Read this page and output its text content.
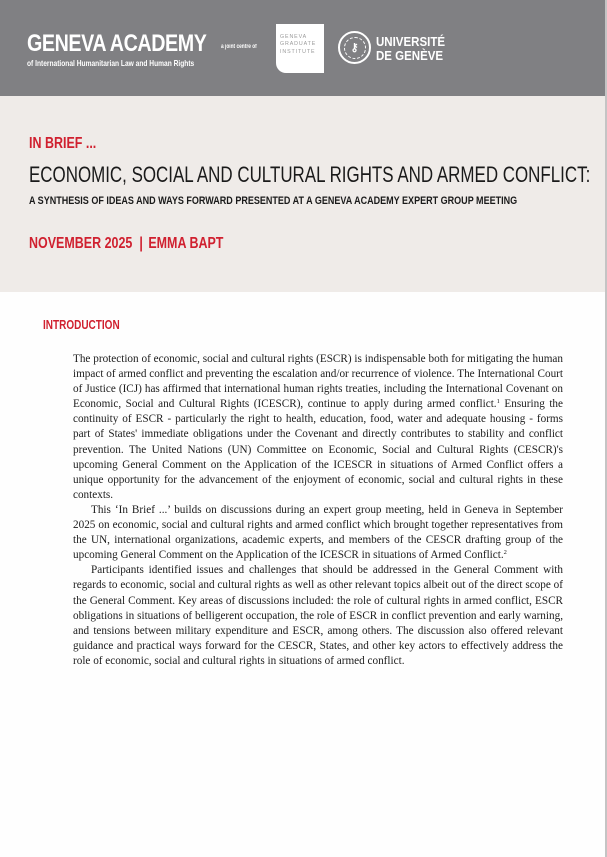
GENEVA ACADEMY
of International Humanitarian Law and Human Rights
a joint centre of
GENEVA
GRADUATE
INSTITUTE	⚷	UNIVERSITÉ
DE GENÈVE
IN BRIEF ...
ECONOMIC, SOCIAL AND CULTURAL RIGHTS AND ARMED CONFLICT:
A SYNTHESIS OF IDEAS AND WAYS FORWARD PRESENTED AT A GENEVA ACADEMY EXPERT GROUP MEETING
NOVEMBER 2025 | EMMA BAPT
INTRODUCTION

The protection of economic, social and cultural rights (ESCR) is indispensable both for mitigating the human impact of armed conflict and preventing the escalation and/or recurrence of violence. The International Court of Justice (ICJ) has affirmed that international human rights treaties, including the International Covenant on Economic, Social and Cultural Rights (ICESCR), continue to apply during armed conflict.$^1$ Ensuring the continuity of ESCR - particularly the right to health, education, food, water and adequate housing - forms part of States' immediate obligations under the Covenant and directly contributes to stability and conflict prevention. The United Nations (UN) Committee on Economic, Social and Cultural Rights (CESCR)'s upcoming General Comment on the Application of the ICESCR in situations of Armed Conflict offers a unique opportunity for the advancement of the enjoyment of economic, social and cultural rights in these contexts.

This ‘In Brief ...’ builds on discussions during an expert group meeting, held in Geneva in September 2025 on economic, social and cultural rights and armed conflict which brought together representatives from the UN, international organizations, academic experts, and members of the CESCR drafting group of the upcoming General Comment on the Application of the ICESCR in situations of Armed Conflict.$^2$

Participants identified issues and challenges that should be addressed in the General Comment with regards to economic, social and cultural rights as well as other relevant topics albeit out of the direct scope of the General Comment. Key areas of discussions included: the role of cultural rights in armed conflict, ESCR obligations in situations of belligerent occupation, the role of ESCR in conflict prevention and early warning, and tensions between military expenditure and ESCR, among others. The discussion also offered relevant guidance and practical ways forward for the CESCR, States, and other key actors to effectively address the role of economic, social and cultural rights in situations of armed conflict.
